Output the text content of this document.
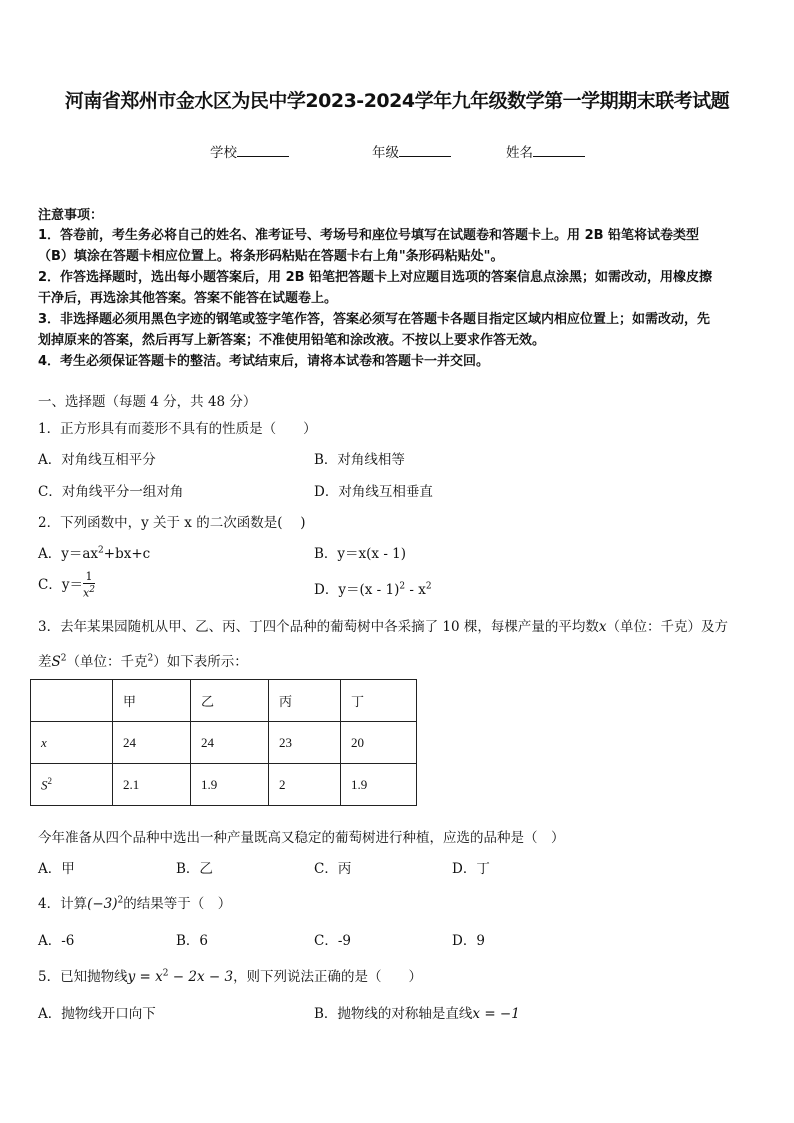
河南省郑州市金水区为民中学2023-2024学年九年级数学第一学期期末联考试题
学校	年级	姓名
注意事项：
1．答卷前，考生务必将自己的姓名、准考证号、考场号和座位号填写在试题卷和答题卡上。用 2B 铅笔将试卷类型
（B）填涂在答题卡相应位置上。将条形码粘贴在答题卡右上角"条形码粘贴处"。
2．作答选择题时，选出每小题答案后，用 2B 铅笔把答题卡上对应题目选项的答案信息点涂黑；如需改动，用橡皮擦
干净后，再选涂其他答案。答案不能答在试题卷上。
3．非选择题必须用黑色字迹的钢笔或签字笔作答，答案必须写在答题卡各题目指定区域内相应位置上；如需改动，先
划掉原来的答案，然后再写上新答案；不准使用铅笔和涂改液。不按以上要求作答无效。
4．考生必须保证答题卡的整洁。考试结束后，请将本试卷和答题卡一并交回。
一、选择题（每题 4 分，共 48 分）
1．正方形具有而菱形不具有的性质是（　　）
A．对角线互相平分	B．对角线相等
C．对角线平分一组对角	D．对角线互相垂直
2．下列函数中，y 关于 x 的二次函数是(　 )
A．$y=ax^2+bx+c$	B．y＝x(x - 1)
C．$y= \frac{1}{x^2}$	D．$y=(x - 1)^2 - x^2$
3．去年某果园随机从甲、乙、丙、丁四个品种的葡萄树中各采摘了 10 棵，每棵产量的平均数x（单位：千克）及方
差$S^2$（单位：千克$^2$）如下表所示：
	甲	乙	丙	丁
x	24	24	23	20
$S^2$	2.1	1.9	2	1.9
今年准备从四个品种中选出一种产量既高又稳定的葡萄树进行种植，应选的品种是（　）
A．甲	B．乙	C．丙	D．丁
4．计算$(-3)^2$的结果等于（　）
A．-6	B．6	C．-9	D．9
5．已知抛物线$y = x^2 - 2x - 3$，则下列说法正确的是（　　）
A．抛物线开口向下	B．抛物线的对称轴是直线x = −1
